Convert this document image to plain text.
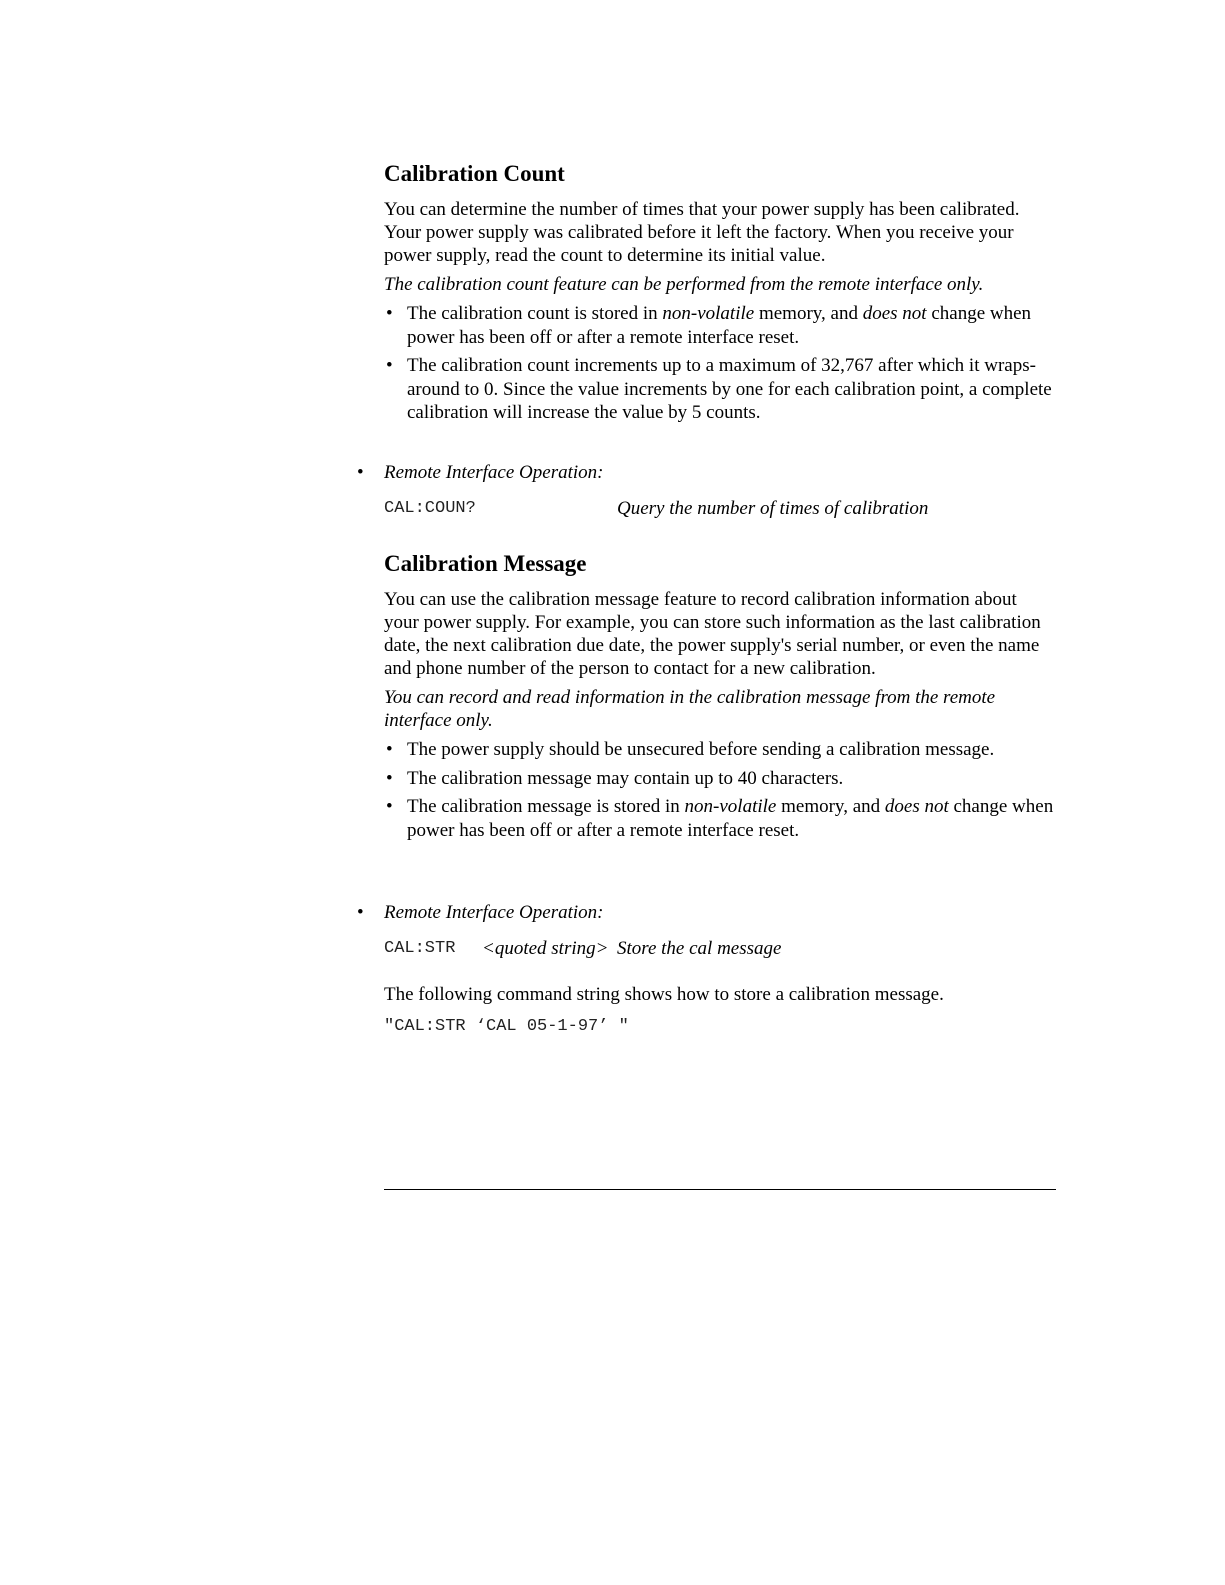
Calibration Count

You can determine the number of times that your power supply has been calibrated. Your power supply was calibrated before it left the factory. When you receive your power supply, read the count to determine its initial value.

The calibration count feature can be performed from the remote interface only.

• The calibration count is stored in non-volatile memory, and does not change when power has been off or after a remote interface reset.
• The calibration count increments up to a maximum of 32,767 after which it wraps-around to 0. Since the value increments by one for each calibration point, a complete calibration will increase the value by 5 counts.
• Remote Interface Operation:

CAL:COUN?	Query the number of times of calibration
Calibration Message

You can use the calibration message feature to record calibration information about your power supply. For example, you can store such information as the last calibration date, the next calibration due date, the power supply's serial number, or even the name and phone number of the person to contact for a new calibration.

You can record and read information in the calibration message from the remote interface only.

• The power supply should be unsecured before sending a calibration message.
• The calibration message may contain up to 40 characters.
• The calibration message is stored in non-volatile memory, and does not change when power has been off or after a remote interface reset.
• Remote Interface Operation:

CAL:STR <quoted string> Store the cal message

The following command string shows how to store a calibration message.

"CAL:STR ‘CAL 05-1-97’ "
